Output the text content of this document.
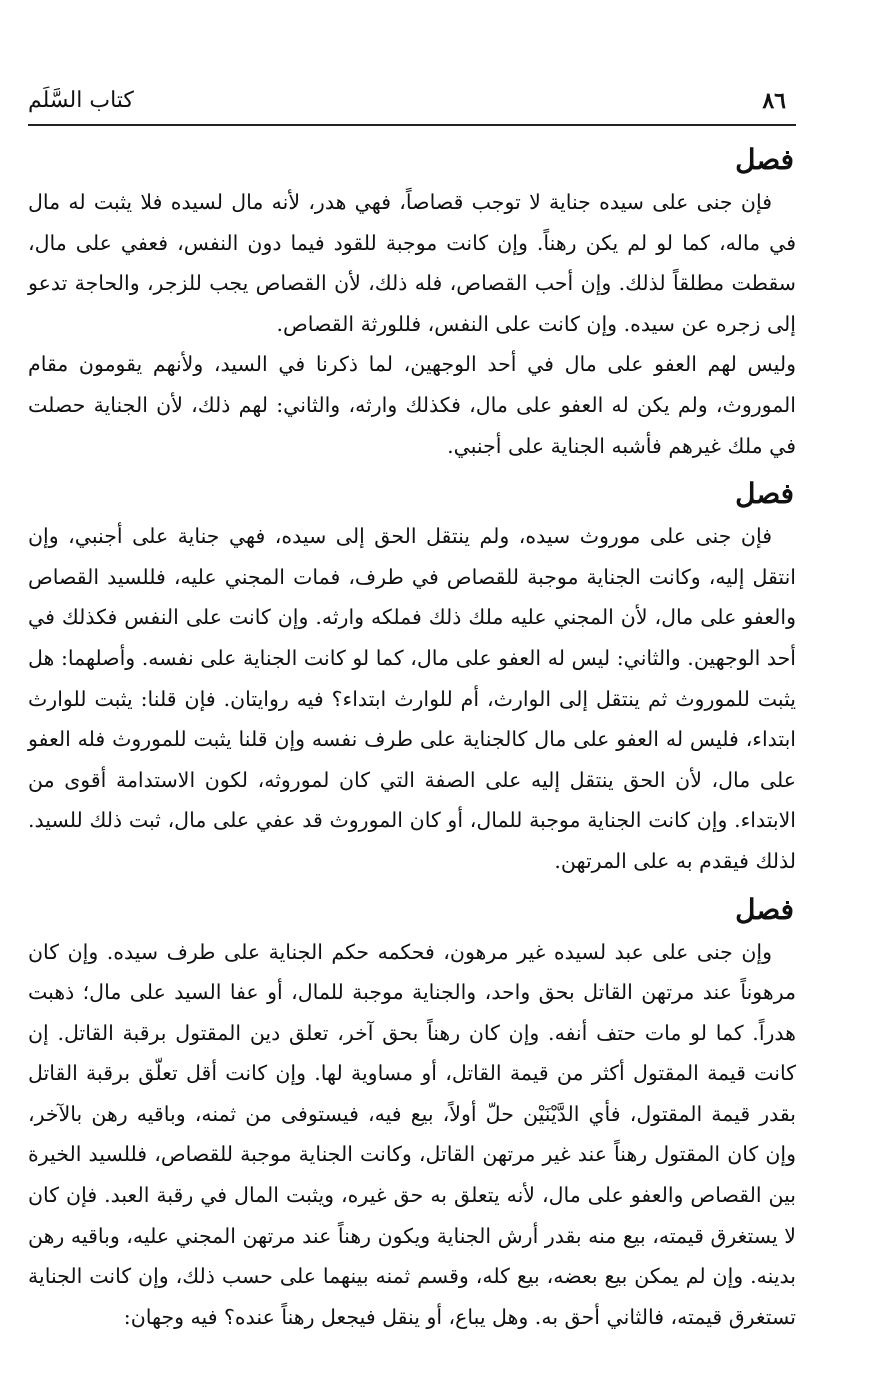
٨٦
كتاب السَّلَم
فصل

فإن جنى على سيده جناية لا توجب قصاصاً، فهي هدر، لأنه مال لسيده فلا يثبت له مال في ماله، كما لو لم يكن رهناً. وإن كانت موجبة للقود فيما دون النفس، فعفي على مال، سقطت مطلقاً لذلك. وإن أحب القصاص، فله ذلك، لأن القصاص يجب للزجر، والحاجة تدعو إلى زجره عن سيده. وإن كانت على النفس، فللورثة القصاص.

وليس لهم العفو على مال في أحد الوجهين، لما ذكرنا في السيد، ولأنهم يقومون مقام الموروث، ولم يكن له العفو على مال، فكذلك وارثه، والثاني: لهم ذلك، لأن الجناية حصلت في ملك غيرهم فأشبه الجناية على أجنبي.

فصل

فإن جنى على موروث سيده، ولم ينتقل الحق إلى سيده، فهي جناية على أجنبي، وإن انتقل إليه، وكانت الجناية موجبة للقصاص في طرف، فمات المجني عليه، فللسيد القصاص والعفو على مال، لأن المجني عليه ملك ذلك فملكه وارثه. وإن كانت على النفس فكذلك في أحد الوجهين. والثاني: ليس له العفو على مال، كما لو كانت الجناية على نفسه. وأصلهما: هل يثبت للموروث ثم ينتقل إلى الوارث، أم للوارث ابتداء؟ فيه روايتان. فإن قلنا: يثبت للوارث ابتداء، فليس له العفو على مال كالجناية على طرف نفسه وإن قلنا يثبت للموروث فله العفو على مال، لأن الحق ينتقل إليه على الصفة التي كان لموروثه، لكون الاستدامة أقوى من الابتداء. وإن كانت الجناية موجبة للمال، أو كان الموروث قد عفي على مال، ثبت ذلك للسيد. لذلك فيقدم به على المرتهن.

فصل

وإن جنى على عبد لسيده غير مرهون، فحكمه حكم الجناية على طرف سيده. وإن كان مرهوناً عند مرتهن القاتل بحق واحد، والجناية موجبة للمال، أو عفا السيد على مال؛ ذهبت هدراً. كما لو مات حتف أنفه. وإن كان رهناً بحق آخر، تعلق دين المقتول برقبة القاتل. إن كانت قيمة المقتول أكثر من قيمة القاتل، أو مساوية لها. وإن كانت أقل تعلّق برقبة القاتل بقدر قيمة المقتول، فأي الدَّيْنَيْن حلّ أولاً، بيع فيه، فيستوفى من ثمنه، وباقيه رهن بالآخر، وإن كان المقتول رهناً عند غير مرتهن القاتل، وكانت الجناية موجبة للقصاص، فللسيد الخيرة بين القصاص والعفو على مال، لأنه يتعلق به حق غيره، ويثبت المال في رقبة العبد. فإن كان لا يستغرق قيمته، بيع منه بقدر أرش الجناية ويكون رهناً عند مرتهن المجني عليه، وباقيه رهن بدينه. وإن لم يمكن بيع بعضه، بيع كله، وقسم ثمنه بينهما على حسب ذلك، وإن كانت الجناية تستغرق قيمته، فالثاني أحق به. وهل يباع، أو ينقل فيجعل رهناً عنده؟ فيه وجهان:
